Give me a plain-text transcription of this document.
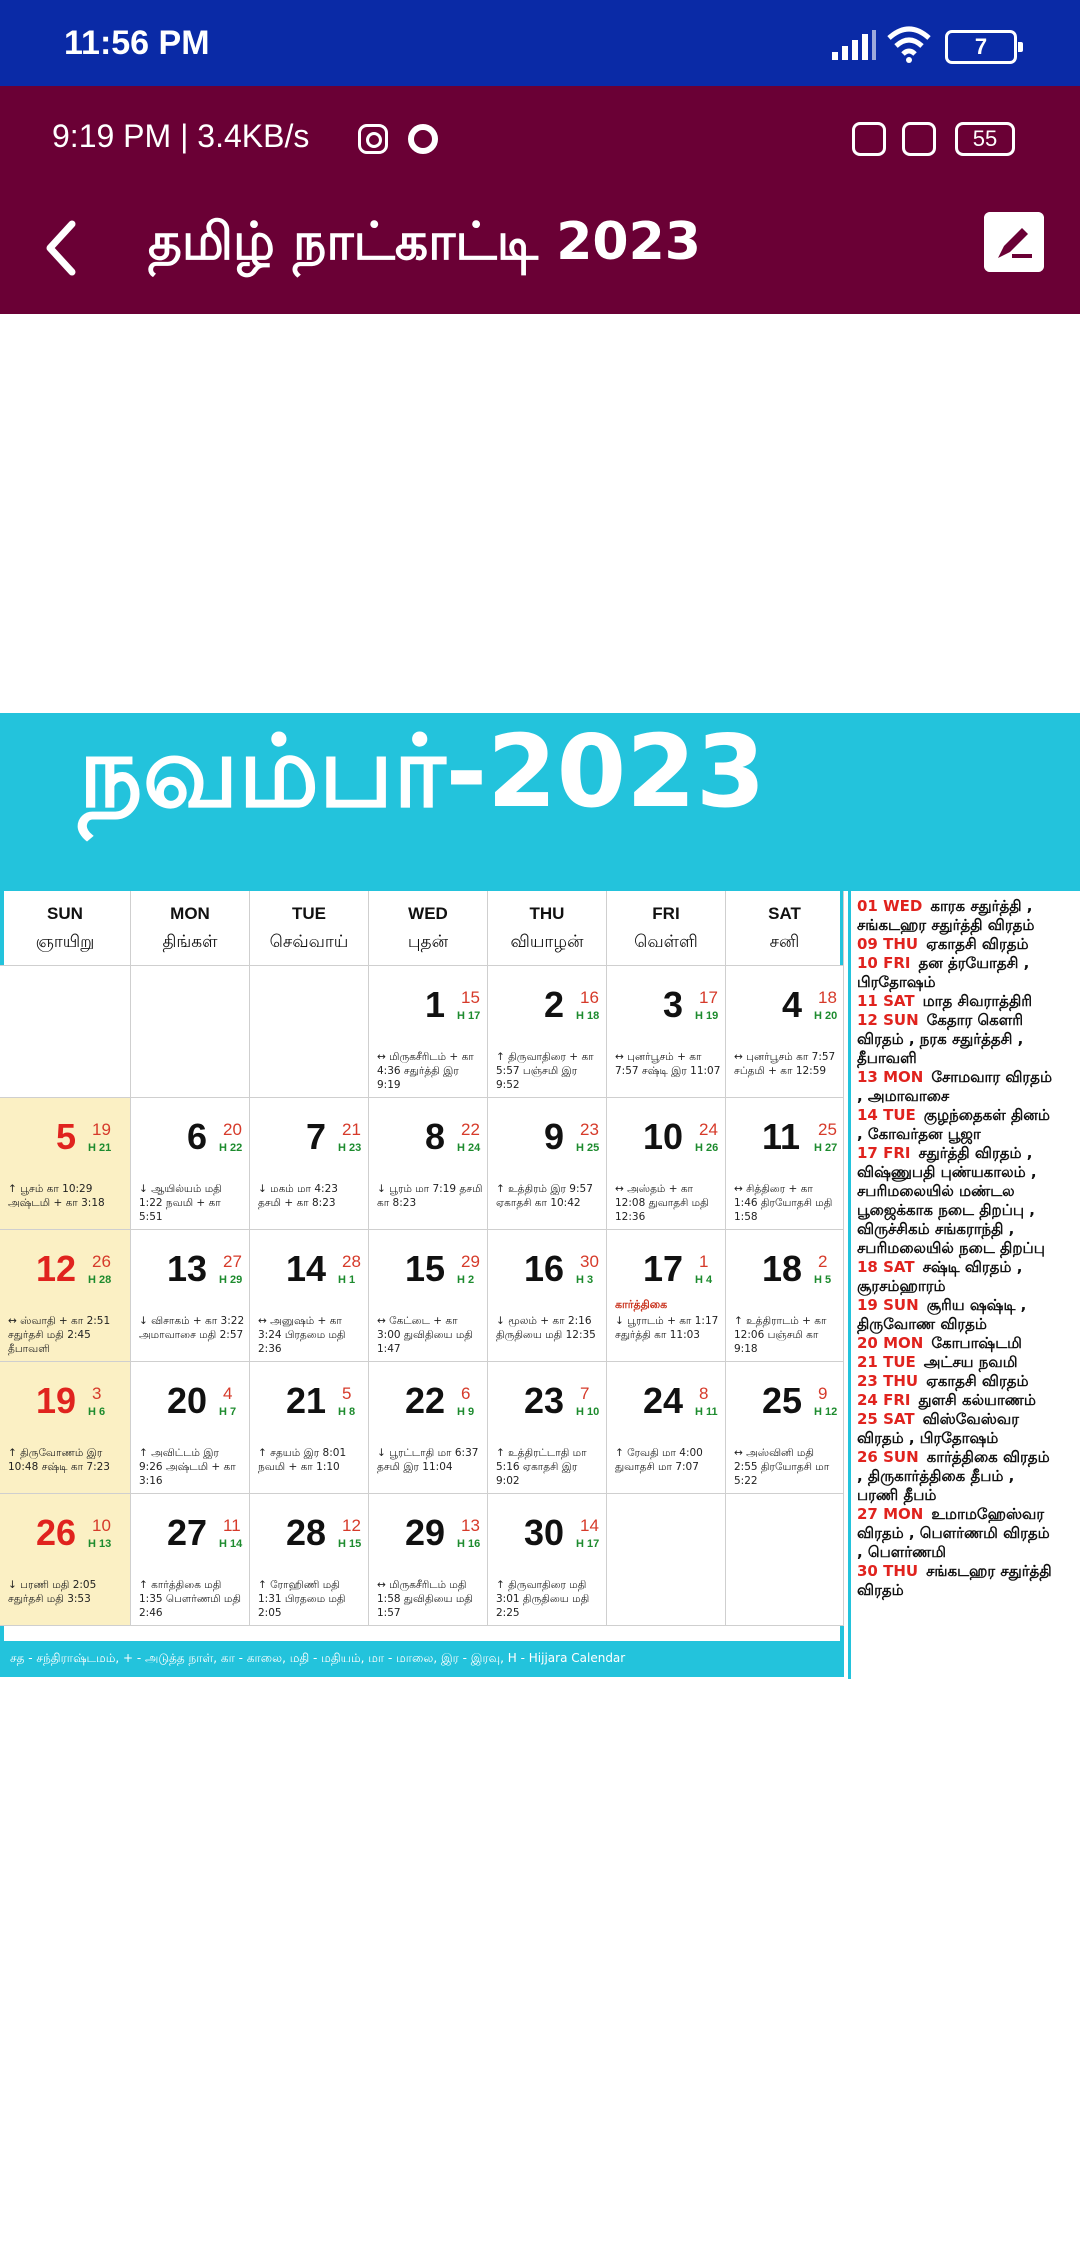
11:56 PM	7
9:19 PM | 3.4KB/s	55
தமிழ் நாட்காட்டி 2023
நவம்பர்-2023
SUN
ஞாயிறு
MON
திங்கள்
TUE
செவ்வாய்
WED
புதன்
THU
வியாழன்
FRI
வெள்ளி
SAT
சனி
1 15
H 17
↔ மிருகசீரிடம் + கா 4:36 சதுர்த்தி இர 9:19
2 16
H 18
↑ திருவாதிரை + கா 5:57 பஞ்சமி இர 9:52
3 17
H 19
↔ புனர்பூசம் + கா 7:57 சஷ்டி இர 11:07
4 18
H 20
↔ புனர்பூசம் கா 7:57 சப்தமி + கா 12:59
5 19
H 21
↑ பூசம் கா 10:29 அஷ்டமி + கா 3:18
6 20
H 22
↓ ஆயில்யம் மதி 1:22 நவமி + கா 5:51
7 21
H 23
↓ மகம் மா 4:23 தசமி + கா 8:23
8 22
H 24
↓ பூரம் மா 7:19 தசமி கா 8:23
9 23
H 25
↑ உத்திரம் இர 9:57 ஏகாதசி கா 10:42
10 24
H 26
↔ அஸ்தம் + கா 12:08 துவாதசி மதி 12:36
11 25
H 27
↔ சித்திரை + கா 1:46 திரயோதசி மதி 1:58
12 26
H 28
↔ ஸ்வாதி + கா 2:51 சதுர்தசி மதி 2:45 தீபாவளி
13 27
H 29
↓ விசாகம் + கா 3:22 அமாவாசை மதி 2:57
14 28
H 1
↔ அனுஷம் + கா 3:24 பிரதமை மதி 2:36
15 29
H 2
↔ கேட்டை + கா 3:00 துவிதியை மதி 1:47
16 30
H 3
↓ மூலம் + கா 2:16 திருதியை மதி 12:35
17 1
H 4
கார்த்திகை
↓ பூராடம் + கா 1:17 சதுர்த்தி கா 11:03
18 2
H 5
↑ உத்திராடம் + கா 12:06 பஞ்சமி கா 9:18
19 3
H 6
↑ திருவோணம் இர 10:48 சஷ்டி கா 7:23
20 4
H 7
↑ அவிட்டம் இர 9:26 அஷ்டமி + கா 3:16
21 5
H 8
↑ சதயம் இர 8:01 நவமி + கா 1:10
22 6
H 9
↓ பூரட்டாதி மா 6:37 தசமி இர 11:04
23 7
H 10
↑ உத்திரட்டாதி மா 5:16 ஏகாதசி இர 9:02
24 8
H 11
↑ ரேவதி மா 4:00 துவாதசி மா 7:07
25 9
H 12
↔ அஸ்வினி மதி 2:55 திரயோதசி மா 5:22
26 10
H 13
↓ பரணி மதி 2:05 சதுர்தசி மதி 3:53
27 11
H 14
↑ கார்த்திகை மதி 1:35 பௌர்ணமி மதி 2:46
28 12
H 15
↑ ரோஹிணி மதி 1:31 பிரதமை மதி 2:05
29 13
H 16
↔ மிருகசீரிடம் மதி 1:58 துவிதியை மதி 1:57
30 14
H 17
↑ திருவாதிரை மதி 3:01 திருதியை மதி 2:25
சத - சந்திராஷ்டமம், + - அடுத்த நாள், கா - காலை, மதி - மதியம், மா - மாலை, இர - இரவு, H - Hijjara Calendar
01 WED காரக சதுர்த்தி , சங்கடஹர சதுர்த்தி விரதம்
09 THU ஏகாதசி விரதம்
10 FRI தன த்ரயோதசி , பிரதோஷம்
11 SAT மாத சிவராத்திரி
12 SUN கேதார கௌரி விரதம் , நரக சதுர்த்தசி , தீபாவளி
13 MON சோமவார விரதம் , அமாவாசை
14 TUE குழந்தைகள் தினம் , கோவர்தன பூஜா
17 FRI சதுர்த்தி விரதம் , விஷ்ணுபதி புண்யகாலம் , சபரிமலையில் மண்டல பூஜைக்காக நடை திறப்பு , விருச்சிகம் சங்கராந்தி , சபரிமலையில் நடை திறப்பு
18 SAT சஷ்டி விரதம் , சூரசம்ஹாரம்
19 SUN சூரிய ஷஷ்டி , திருவோண விரதம்
20 MON கோபாஷ்டமி
21 TUE அட்சய நவமி
23 THU ஏகாதசி விரதம்
24 FRI துளசி கல்யாணம்
25 SAT விஸ்வேஸ்வர விரதம் , பிரதோஷம்
26 SUN கார்த்திகை விரதம் , திருகார்த்திகை தீபம் , பரணி தீபம்
27 MON உமாமஹேஸ்வர விரதம் , பௌர்ணமி விரதம் , பௌர்ணமி
30 THU சங்கடஹர சதுர்த்தி விரதம்
